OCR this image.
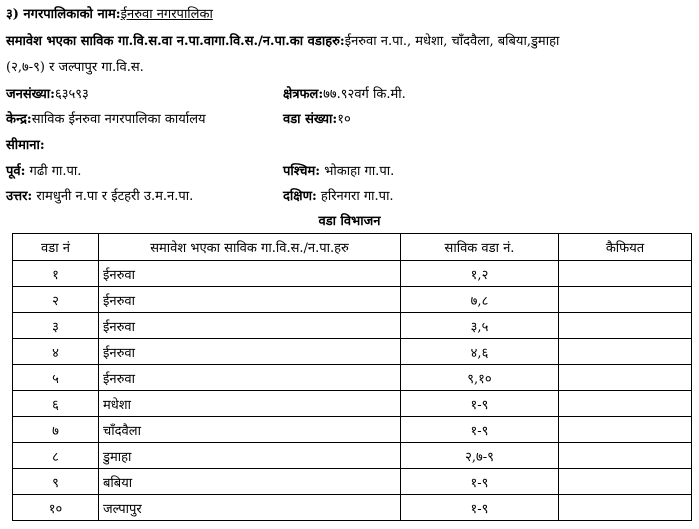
३) नगरपालिकाको नाम:ईनरुवा नगरपालिका
समावेश भएका साविक गा.वि.स.वा न.पा.वागा.वि.स./न.पा.का वडाहरु:ईनरुवा न.पा., मधेशा, चाँदवैला, बबिया,डुमाहा
(२,७-९) र जल्पापुर गा.वि.स.
जनसंख्या:६३५९३	क्षेत्रफल:७७.९२वर्ग कि.मी.
केन्द्र:साविक ईनरुवा नगरपालिका कार्यालय	वडा संख्या:१०
सीमाना:
पूर्व: गढी गा.पा.	पश्चिम: भोकाहा गा.पा.
उत्तर: रामधुनी न.पा र ईटहरी उ.म.न.पा.	दक्षिण: हरिनगरा गा.पा.
वडा विभाजन
वडा नं	समावेश भएका साविक गा.वि.स./न.पा.हरु	साविक वडा नं.	कैफियत
१	ईनरुवा	१,२	
२	ईनरुवा	७,८	
३	ईनरुवा	३,५	
४	ईनरुवा	४,६	
५	ईनरुवा	९,१०	
६	मधेशा	१-९	
७	चाँदवैला	१-९	
८	डुमाहा	२,७-९	
९	बबिया	१-९	
१०	जल्पापुर	१-९	
